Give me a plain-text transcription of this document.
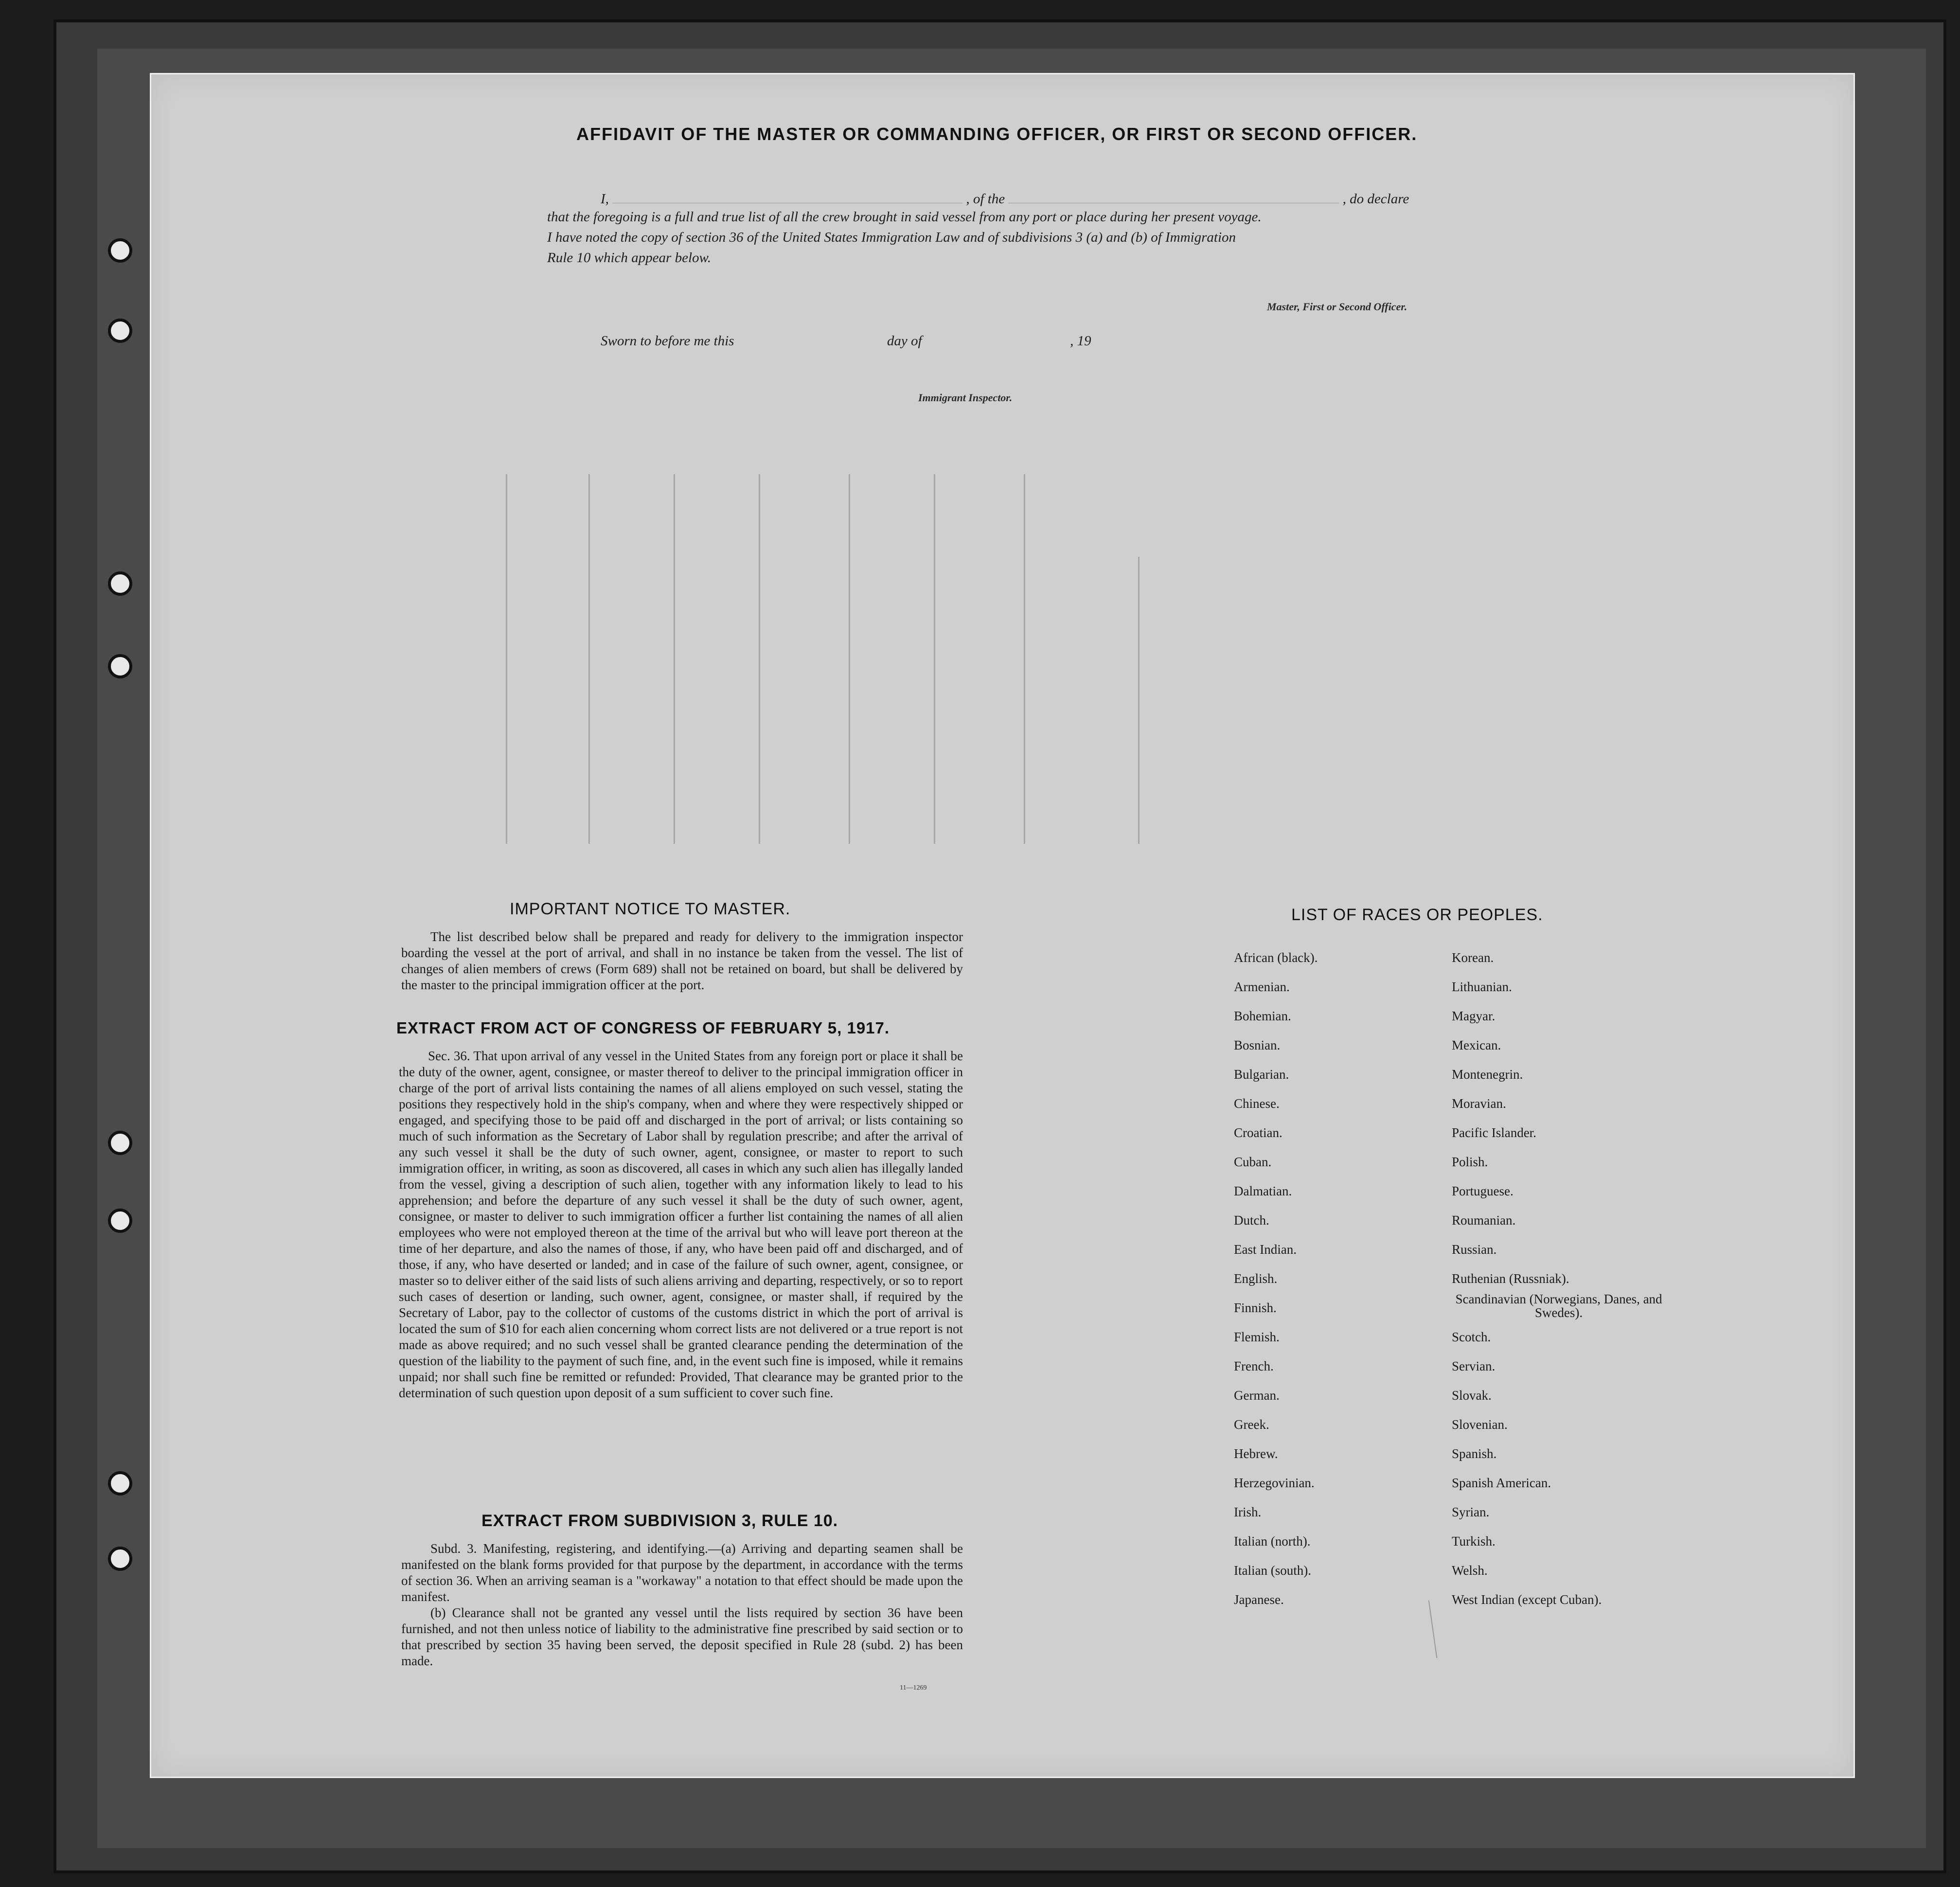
AFFIDAVIT OF THE MASTER OR COMMANDING OFFICER, OR FIRST OR SECOND OFFICER.
I,	, of the	, do declare
that the foregoing is a full and true list of all the crew brought in said vessel from any port or place during her present voyage.
I have noted the copy of section 36 of the United States Immigration Law and of subdivisions 3 (a) and (b) of Immigration
Rule 10 which appear below.
Master, First or Second Officer.
Sworn to before me this	day of	, 19
Immigrant Inspector.
IMPORTANT NOTICE TO MASTER.

The list described below shall be prepared and ready for delivery to the immigration inspector boarding the vessel at the port of arrival, and shall in no instance be taken from the vessel. The list of changes of alien members of crews (Form 689) shall not be retained on board, but shall be delivered by the master to the principal immigration officer at the port.

EXTRACT FROM ACT OF CONGRESS OF FEBRUARY 5, 1917.

Sec. 36. That upon arrival of any vessel in the United States from any foreign port or place it shall be the duty of the owner, agent, consignee, or master thereof to deliver to the principal immigration officer in charge of the port of arrival lists containing the names of all aliens employed on such vessel, stating the positions they respectively hold in the ship's company, when and where they were respectively shipped or engaged, and specifying those to be paid off and discharged in the port of arrival; or lists containing so much of such information as the Secretary of Labor shall by regulation prescribe; and after the arrival of any such vessel it shall be the duty of such owner, agent, consignee, or master to report to such immigration officer, in writing, as soon as discovered, all cases in which any such alien has illegally landed from the vessel, giving a description of such alien, together with any information likely to lead to his apprehension; and before the departure of any such vessel it shall be the duty of such owner, agent, consignee, or master to deliver to such immigration officer a further list containing the names of all alien employees who were not employed thereon at the time of the arrival but who will leave port thereon at the time of her departure, and also the names of those, if any, who have been paid off and discharged, and of those, if any, who have deserted or landed; and in case of the failure of such owner, agent, consignee, or master so to deliver either of the said lists of such aliens arriving and departing, respectively, or so to report such cases of desertion or landing, such owner, agent, consignee, or master shall, if required by the Secretary of Labor, pay to the collector of customs of the customs district in which the port of arrival is located the sum of $10 for each alien concerning whom correct lists are not delivered or a true report is not made as above required; and no such vessel shall be granted clearance pending the determination of the question of the liability to the payment of such fine, and, in the event such fine is imposed, while it remains unpaid; nor shall such fine be remitted or refunded: Provided, That clearance may be granted prior to the determination of such question upon deposit of a sum sufficient to cover such fine.

EXTRACT FROM SUBDIVISION 3, RULE 10.

Subd. 3. Manifesting, registering, and identifying.—(a) Arriving and departing seamen shall be manifested on the blank forms provided for that purpose by the department, in accordance with the terms of section 36. When an arriving seaman is a "workaway" a notation to that effect should be made upon the manifest.

(b) Clearance shall not be granted any vessel until the lists required by section 36 have been furnished, and not then unless notice of liability to the administrative fine prescribed by said section or to that prescribed by section 35 having been served, the deposit specified in Rule 28 (subd. 2) has been made.

11—1269
LIST OF RACES OR PEOPLES.
African (black).
Armenian.
Bohemian.
Bosnian.
Bulgarian.
Chinese.
Croatian.
Cuban.
Dalmatian.
Dutch.
East Indian.
English.
Finnish.
Flemish.
French.
German.
Greek.
Hebrew.
Herzegovinian.
Irish.
Italian (north).
Italian (south).
Japanese.
Korean.
Lithuanian.
Magyar.
Mexican.
Montenegrin.
Moravian.
Pacific Islander.
Polish.
Portuguese.
Roumanian.
Russian.
Ruthenian (Russniak).
Scandinavian (Norwegians, Danes, and Swedes).
Scotch.
Servian.
Slovak.
Slovenian.
Spanish.
Spanish American.
Syrian.
Turkish.
Welsh.
West Indian (except Cuban).
